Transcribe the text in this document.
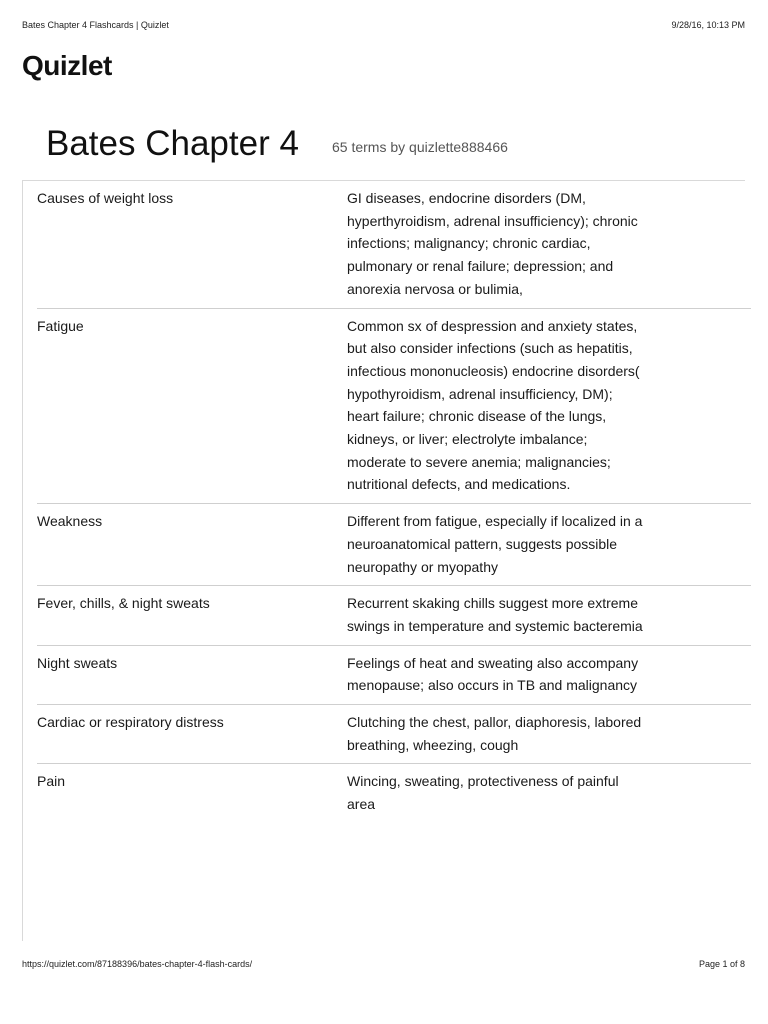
Bates Chapter 4 Flashcards | Quizlet	9/28/16, 10:13 PM
Quizlet
Bates Chapter 4 65 terms by quizlette888466
Causes of weight loss	GI diseases, endocrine disorders (DM, hyperthyroidism, adrenal insufficiency); chronic infections; malignancy; chronic cardiac, pulmonary or renal failure; depression; and anorexia nervosa or bulimia,
Fatigue	Common sx of despression and anxiety states, but also consider infections (such as hepatitis, infectious mononucleosis) endocrine disorders( hypothyroidism, adrenal insufficiency, DM); heart failure; chronic disease of the lungs, kidneys, or liver; electrolyte imbalance; moderate to severe anemia; malignancies; nutritional defects, and medications.
Weakness	Different from fatigue, especially if localized in a neuroanatomical pattern, suggests possible neuropathy or myopathy
Fever, chills, & night sweats	Recurrent skaking chills suggest more extreme swings in temperature and systemic bacteremia
Night sweats	Feelings of heat and sweating also accompany menopause; also occurs in TB and malignancy
Cardiac or respiratory distress	Clutching the chest, pallor, diaphoresis, labored breathing, wheezing, cough
Pain	Wincing, sweating, protectiveness of painful area
https://quizlet.com/87188396/bates-chapter-4-flash-cards/	Page 1 of 8
